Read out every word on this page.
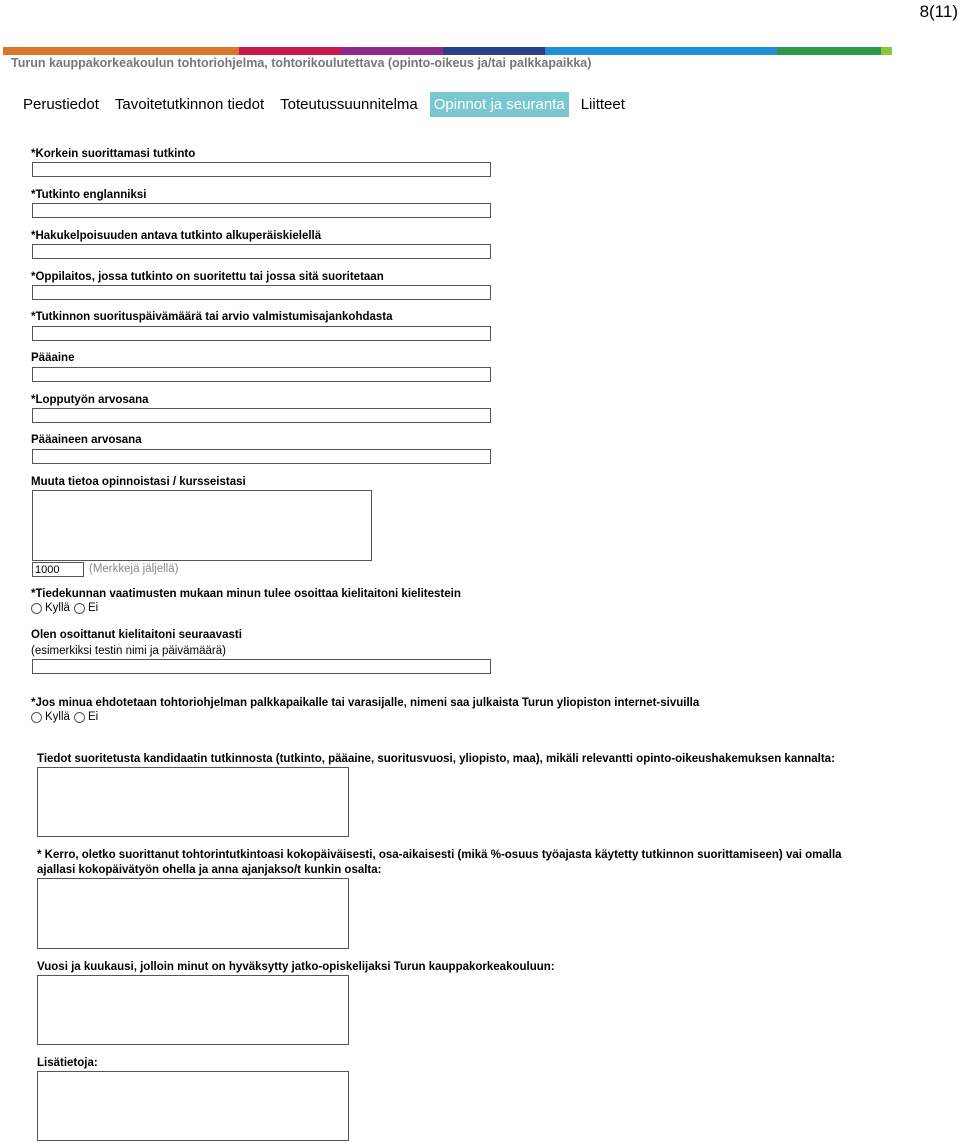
8(11)
Turun kauppakorkeakoulun tohtoriohjelma, tohtorikoulutettava (opinto-oikeus ja/tai palkkapaikka)
Perustiedot Tavoitetutkinnon tiedot Toteutussuunnitelma Opinnot ja seuranta Liitteet
*Korkein suorittamasi tutkinto
*Tutkinto englanniksi
*Hakukelpoisuuden antava tutkinto alkuperäiskielellä
*Oppilaitos, jossa tutkinto on suoritettu tai jossa sitä suoritetaan
*Tutkinnon suorituspäivämäärä tai arvio valmistumisajankohdasta
Pääaine
*Lopputyön arvosana
Pääaineen arvosana
Muuta tietoa opinnoistasi / kursseistasi
1000
(Merkkejä jäljellä)
*Tiedekunnan vaatimusten mukaan minun tulee osoittaa kielitaitoni kielitestein
Kyllä Ei
Olen osoittanut kielitaitoni seuraavasti
(esimerkiksi testin nimi ja päivämäärä)
*Jos minua ehdotetaan tohtoriohjelman palkkapaikalle tai varasijalle, nimeni saa julkaista Turun yliopiston internet-sivuilla
Kyllä Ei
Tiedot suoritetusta kandidaatin tutkinnosta (tutkinto, pääaine, suoritusvuosi, yliopisto, maa), mikäli relevantti opinto-oikeushakemuksen kannalta:
* Kerro, oletko suorittanut tohtorintutkintoasi kokopäiväisesti, osa-aikaisesti (mikä %-osuus työajasta käytetty tutkinnon suorittamiseen) vai omalla
ajallasi kokopäivätyön ohella ja anna ajanjakso/t kunkin osalta:
Vuosi ja kuukausi, jolloin minut on hyväksytty jatko-opiskelijaksi Turun kauppakorkeakouluun:
Lisätietoja:
